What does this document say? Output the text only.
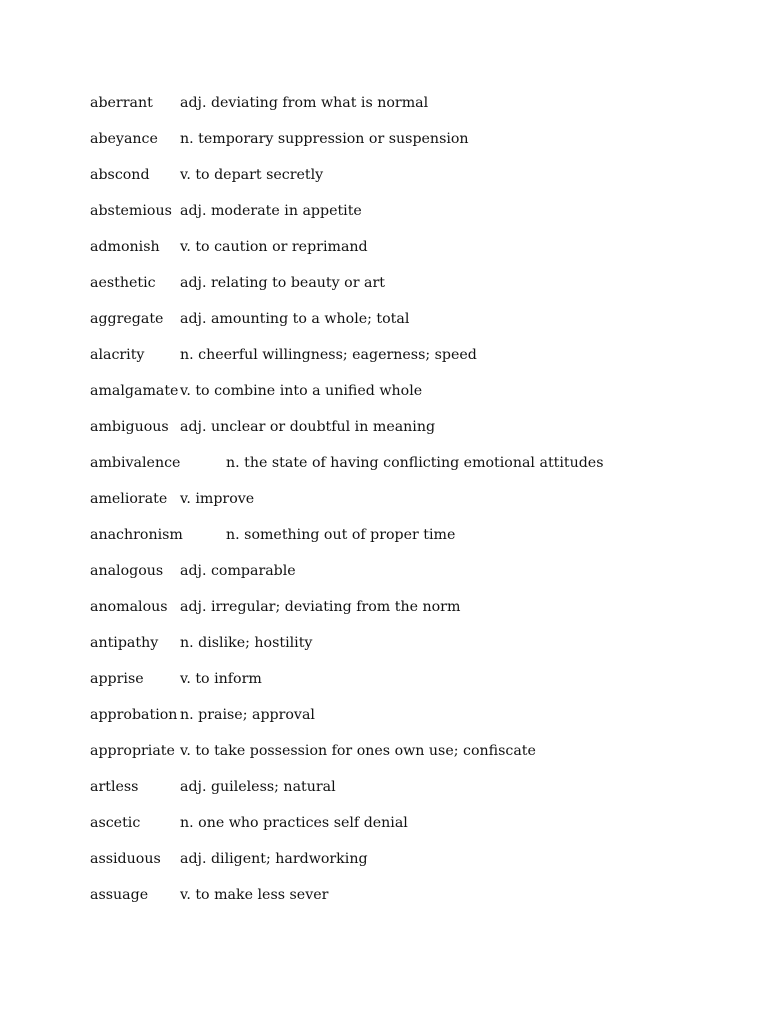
aberrant adj. deviating from what is normal
abeyance n. temporary suppression or suspension
abscond v. to depart secretly
abstemious adj. moderate in appetite
admonish v. to caution or reprimand
aesthetic adj. relating to beauty or art
aggregate adj. amounting to a whole; total
alacrity	n. cheerful willingness; eagerness; speed
amalgamate v. to combine into a unified whole
ambiguous adj. unclear or doubtful in meaning
ambivalence	n. the state of having conflicting emotional attitudes
ameliorate v. improve
anachronism	n. something out of proper time
analogous adj. comparable
anomalous adj. irregular; deviating from the norm
antipathy n. dislike; hostility
apprise	v. to inform
approbation n. praise; approval
appropriate v. to take possession for ones own use; confiscate
artless	adj. guileless; natural
ascetic	n. one who practices self denial
assiduous adj. diligent; hardworking
assuage v. to make less sever
